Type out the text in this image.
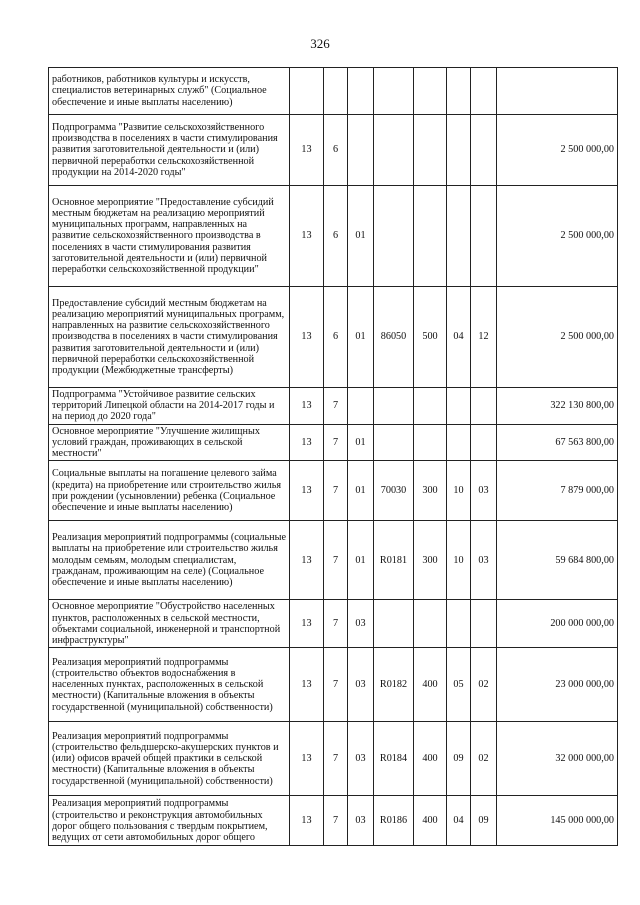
326
работников, работников культуры и искусств, специалистов ветеринарных служб" (Социальное обеспечение и иные выплаты населению)								
Подпрограмма "Развитие сельскохозяйственного производства в поселениях в части стимулирования развития заготовительной деятельности и (или) первичной переработки сельскохозяйственной продукции на 2014-2020 годы"	13	6						2 500 000,00
Основное мероприятие "Предоставление субсидий местным бюджетам на реализацию мероприятий муниципальных программ, направленных на развитие сельскохозяйственного производства в поселениях в части стимулирования развития заготовительной деятельности и (или) первичной переработки сельскохозяйственной продукции"	13	6	01					2 500 000,00
Предоставление субсидий местным бюджетам на реализацию мероприятий муниципальных программ, направленных на развитие сельскохозяйственного производства в поселениях в части стимулирования развития заготовительной деятельности и (или) первичной переработки сельскохозяйственной продукции (Межбюджетные трансферты)	13	6	01	86050	500	04	12	2 500 000,00
Подпрограмма "Устойчивое развитие сельских территорий Липецкой области на 2014-2017 годы и на период до 2020 года"	13	7						322 130 800,00
Основное мероприятие "Улучшение жилищных условий граждан, проживающих в сельской местности"	13	7	01					67 563 800,00
Социальные выплаты на погашение целевого займа (кредита) на приобретение или строительство жилья при рождении (усыновлении) ребенка (Социальное обеспечение и иные выплаты населению)	13	7	01	70030	300	10	03	7 879 000,00
Реализация мероприятий подпрограммы (социальные выплаты на приобретение или строительство жилья молодым семьям, молодым специалистам, гражданам, проживающим на селе) (Социальное обеспечение и иные выплаты населению)	13	7	01	R0181	300	10	03	59 684 800,00
Основное мероприятие "Обустройство населенных пунктов, расположенных в сельской местности, объектами социальной, инженерной и транспортной инфраструктуры"	13	7	03					200 000 000,00
Реализация мероприятий подпрограммы (строительство объектов водоснабжения в населенных пунктах, расположенных в сельской местности) (Капитальные вложения в объекты государственной (муниципальной) собственности)	13	7	03	R0182	400	05	02	23 000 000,00
Реализация мероприятий подпрограммы (строительство фельдшерско-акушерских пунктов и (или) офисов врачей общей практики в сельской местности) (Капитальные вложения в объекты государственной (муниципальной) собственности)	13	7	03	R0184	400	09	02	32 000 000,00
Реализация мероприятий подпрограммы (строительство и реконструкция автомобильных дорог общего пользования с твердым покрытием, ведущих от сети автомобильных дорог общего	13	7	03	R0186	400	04	09	145 000 000,00
